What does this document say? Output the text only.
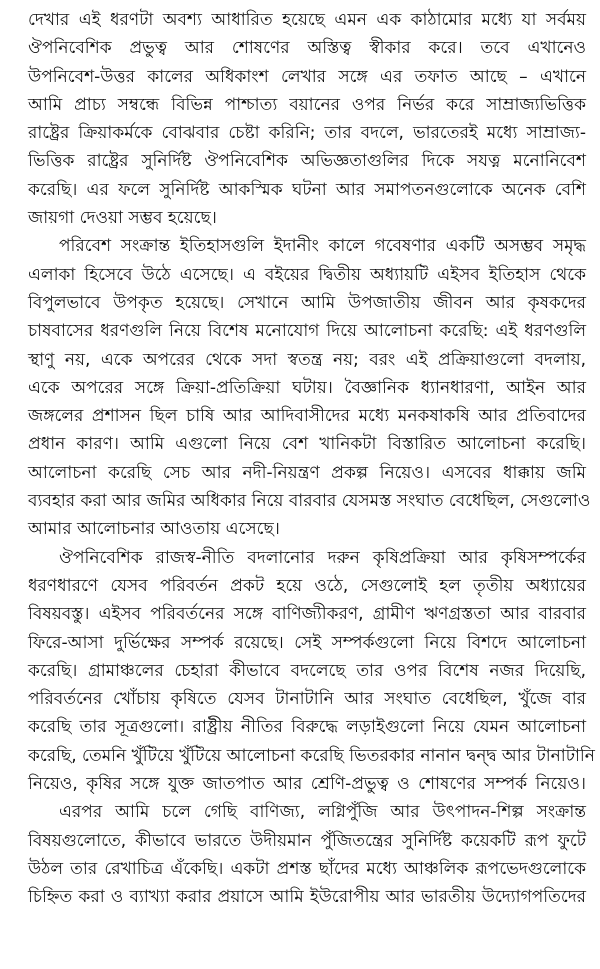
দেখার এই ধরণটা অবশ্য আধারিত হয়েছে এমন এক কাঠামোর মধ্যে যা সর্বময়
ঔপনিবেশিক প্রভুত্ব আর শোষণের অস্তিত্ব স্বীকার করে। তবে এখানেও
উপনিবেশ-উত্তর কালের অধিকাংশ লেখার সঙ্গে এর তফাত আছে – এখানে
আমি প্রাচ্য সম্বন্ধে বিভিন্ন পাশ্চাত্য বয়ানের ওপর নির্ভর করে সাম্রাজ্যভিত্তিক
রাষ্ট্রের ক্রিয়াকর্মকে বোঝবার চেষ্টা করিনি; তার বদলে, ভারতেরই মধ্যে সাম্রাজ্য-
ভিত্তিক রাষ্ট্রের সুনির্দিষ্ট ঔপনিবেশিক অভিজ্ঞতাগুলির দিকে সযত্ন মনোনিবেশ
করেছি। এর ফলে সুনির্দিষ্ট আকস্মিক ঘটনা আর সমাপতনগুলোকে অনেক বেশি
জায়গা দেওয়া সম্ভব হয়েছে।
পরিবেশ সংক্রান্ত ইতিহাসগুলি ইদানীং কালে গবেষণার একটি অসম্ভব সমৃদ্ধ
এলাকা হিসেবে উঠে এসেছে। এ বইয়ের দ্বিতীয় অধ্যায়টি এইসব ইতিহাস থেকে
বিপুলভাবে উপকৃত হয়েছে। সেখানে আমি উপজাতীয় জীবন আর কৃষকদের
চাষবাসের ধরণগুলি নিয়ে বিশেষ মনোযোগ দিয়ে আলোচনা করেছি: এই ধরণগুলি
স্থাণু নয়, একে অপরের থেকে সদা স্বতন্ত্র নয়; বরং এই প্রক্রিয়াগুলো বদলায়,
একে অপরের সঙ্গে ক্রিয়া-প্রতিক্রিয়া ঘটায়। বৈজ্ঞানিক ধ্যানধারণা, আইন আর
জঙ্গলের প্রশাসন ছিল চাষি আর আদিবাসীদের মধ্যে মনকষাকষি আর প্রতিবাদের
প্রধান কারণ। আমি এগুলো নিয়ে বেশ খানিকটা বিস্তারিত আলোচনা করেছি।
আলোচনা করেছি সেচ আর নদী-নিয়ন্ত্রণ প্রকল্প নিয়েও। এসবের ধাক্কায় জমি
ব্যবহার করা আর জমির অধিকার নিয়ে বারবার যেসমস্ত সংঘাত বেধেছিল, সেগুলোও
আমার আলোচনার আওতায় এসেছে।
ঔপনিবেশিক রাজস্ব-নীতি বদলানোর দরুন কৃষিপ্রক্রিয়া আর কৃষিসম্পর্কের
ধরণধারণে যেসব পরিবর্তন প্রকট হয়ে ওঠে, সেগুলোই হল তৃতীয় অধ্যায়ের
বিষয়বস্তু। এইসব পরিবর্তনের সঙ্গে বাণিজ্যীকরণ, গ্রামীণ ঋণগ্রস্ততা আর বারবার
ফিরে-আসা দুর্ভিক্ষের সম্পর্ক রয়েছে। সেই সম্পর্কগুলো নিয়ে বিশদে আলোচনা
করেছি। গ্রামাঞ্চলের চেহারা কীভাবে বদলেছে তার ওপর বিশেষ নজর দিয়েছি,
পরিবর্তনের খোঁচায় কৃষিতে যেসব টানাটানি আর সংঘাত বেধেছিল, খুঁজে বার
করেছি তার সূত্রগুলো। রাষ্ট্রীয় নীতির বিরুদ্ধে লড়াইগুলো নিয়ে যেমন আলোচনা
করেছি, তেমনি খুঁটিয়ে খুঁটিয়ে আলোচনা করেছি ভিতরকার নানান দ্বন্দ্ব আর টানাটানি
নিয়েও, কৃষির সঙ্গে যুক্ত জাতপাত আর শ্রেণি-প্রভুত্ব ও শোষণের সম্পর্ক নিয়েও।
এরপর আমি চলে গেছি বাণিজ্য, লগ্নিপুঁজি আর উৎপাদন-শিল্প সংক্রান্ত
বিষয়গুলোতে, কীভাবে ভারতে উদীয়মান পুঁজিতন্ত্রের সুনির্দিষ্ট কয়েকটি রূপ ফুটে
উঠল তার রেখাচিত্র এঁকেছি। একটা প্রশস্ত ছাঁদের মধ্যে আঞ্চলিক রূপভেদগুলোকে
চিহ্নিত করা ও ব্যাখ্যা করার প্রয়াসে আমি ইউরোপীয় আর ভারতীয় উদ্যোগপতিদের
